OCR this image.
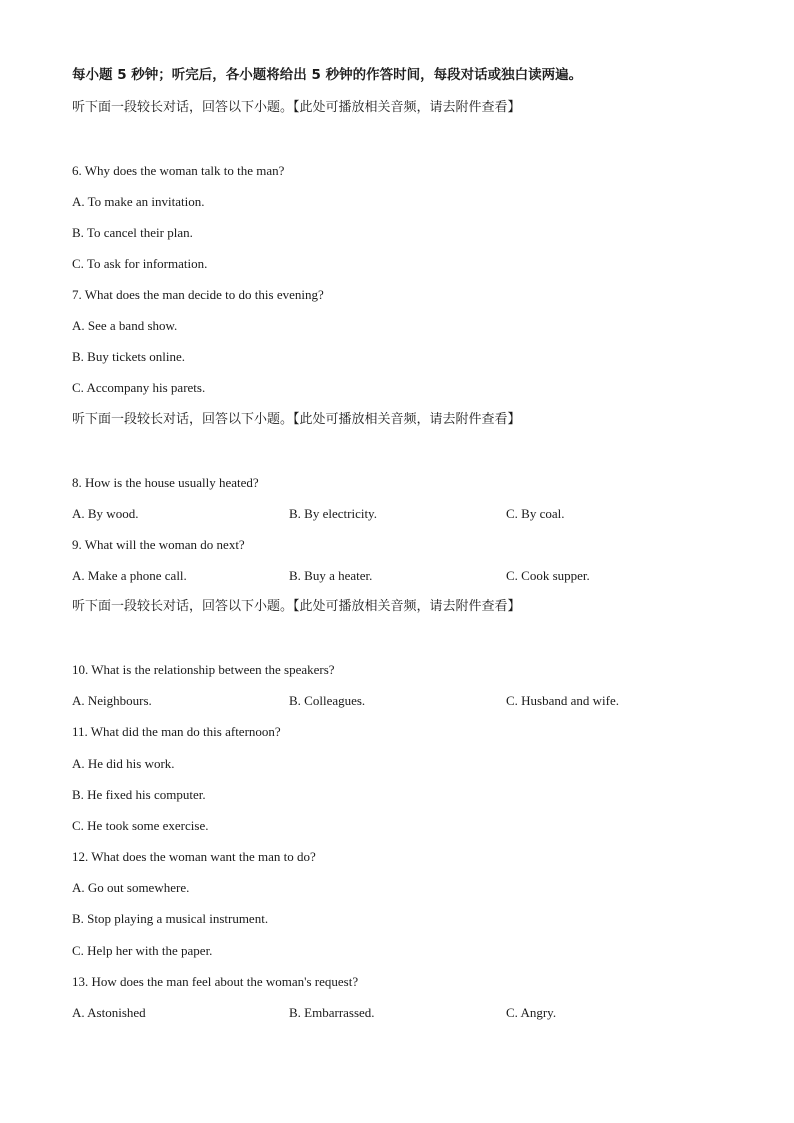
每小题 5 秒钟；听完后，各小题将给出 5 秒钟的作答时间，每段对话或独白读两遍。
听下面一段较长对话，回答以下小题。【此处可播放相关音频，请去附件查看】
6. Why does the woman talk to the man?
A. To make an invitation.
B. To cancel their plan.
C. To ask for information.
7. What does the man decide to do this evening?
A. See a band show.
B. Buy tickets online.
C. Accompany his parets.
听下面一段较长对话，回答以下小题。【此处可播放相关音频，请去附件查看】
8. How is the house usually heated?
A. By wood.	B. By electricity.	C. By coal.
9. What will the woman do next?
A. Make a phone call.	B. Buy a heater.	C. Cook supper.
听下面一段较长对话，回答以下小题。【此处可播放相关音频，请去附件查看】
10. What is the relationship between the speakers?
A. Neighbours.	B. Colleagues.	C. Husband and wife.
11. What did the man do this afternoon?
A. He did his work.
B. He fixed his computer.
C. He took some exercise.
12. What does the woman want the man to do?
A. Go out somewhere.
B. Stop playing a musical instrument.
C. Help her with the paper.
13. How does the man feel about the woman's request?
A. Astonished	B. Embarrassed.	C. Angry.
